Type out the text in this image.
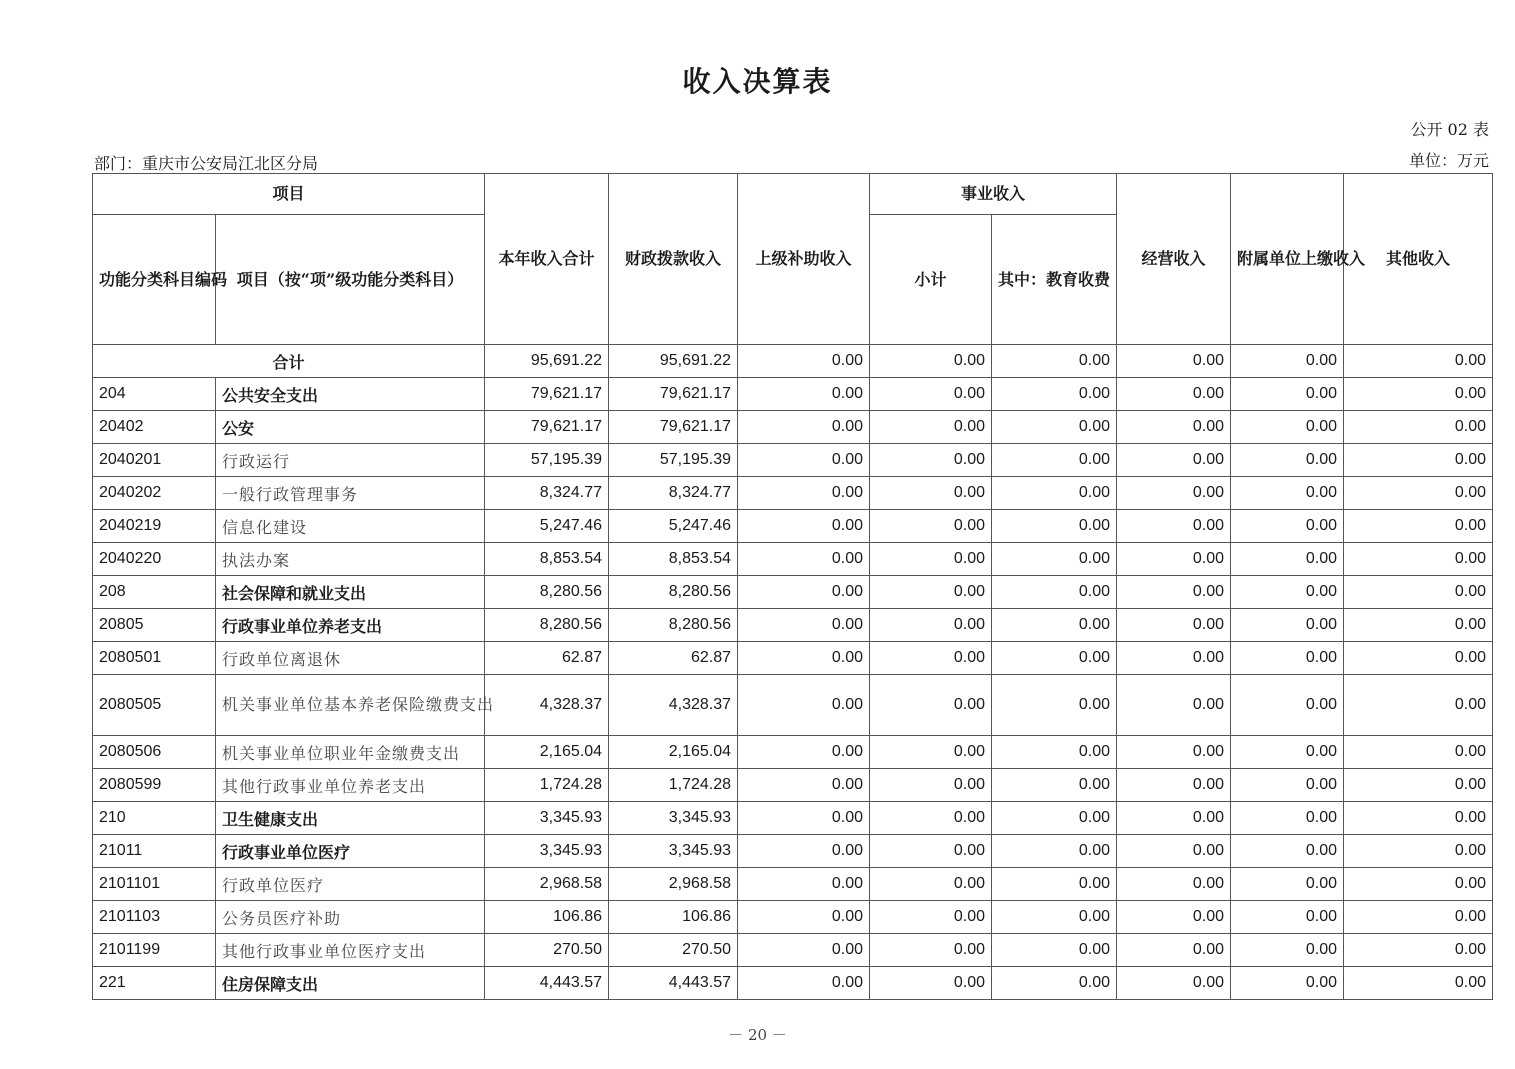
收入决算表
公开 02 表
单位：万元
部门：重庆市公安局江北区分局
项目		本年收入合计	财政拨款收入	上级补助收入	事业收入		经营收入	附属单位上缴收入	其他收入
功能分类科目编码	项目（按“项”级功能分类科目）				小计	其中：教育收费			
合计		95,691.22	95,691.22	0.00	0.00	0.00	0.00	0.00	0.00
204	公共安全支出	79,621.17	79,621.17	0.00	0.00	0.00	0.00	0.00	0.00
20402	公安	79,621.17	79,621.17	0.00	0.00	0.00	0.00	0.00	0.00
2040201	行政运行	57,195.39	57,195.39	0.00	0.00	0.00	0.00	0.00	0.00
2040202	一般行政管理事务	8,324.77	8,324.77	0.00	0.00	0.00	0.00	0.00	0.00
2040219	信息化建设	5,247.46	5,247.46	0.00	0.00	0.00	0.00	0.00	0.00
2040220	执法办案	8,853.54	8,853.54	0.00	0.00	0.00	0.00	0.00	0.00
208	社会保障和就业支出	8,280.56	8,280.56	0.00	0.00	0.00	0.00	0.00	0.00
20805	行政事业单位养老支出	8,280.56	8,280.56	0.00	0.00	0.00	0.00	0.00	0.00
2080501	行政单位离退休	62.87	62.87	0.00	0.00	0.00	0.00	0.00	0.00
2080505	机关事业单位基本养老保险缴费支出	4,328.37	4,328.37	0.00	0.00	0.00	0.00	0.00	0.00
2080506	机关事业单位职业年金缴费支出	2,165.04	2,165.04	0.00	0.00	0.00	0.00	0.00	0.00
2080599	其他行政事业单位养老支出	1,724.28	1,724.28	0.00	0.00	0.00	0.00	0.00	0.00
210	卫生健康支出	3,345.93	3,345.93	0.00	0.00	0.00	0.00	0.00	0.00
21011	行政事业单位医疗	3,345.93	3,345.93	0.00	0.00	0.00	0.00	0.00	0.00
2101101	行政单位医疗	2,968.58	2,968.58	0.00	0.00	0.00	0.00	0.00	0.00
2101103	公务员医疗补助	106.86	106.86	0.00	0.00	0.00	0.00	0.00	0.00
2101199	其他行政事业单位医疗支出	270.50	270.50	0.00	0.00	0.00	0.00	0.00	0.00
221	住房保障支出	4,443.57	4,443.57	0.00	0.00	0.00	0.00	0.00	0.00
－ 20 －
